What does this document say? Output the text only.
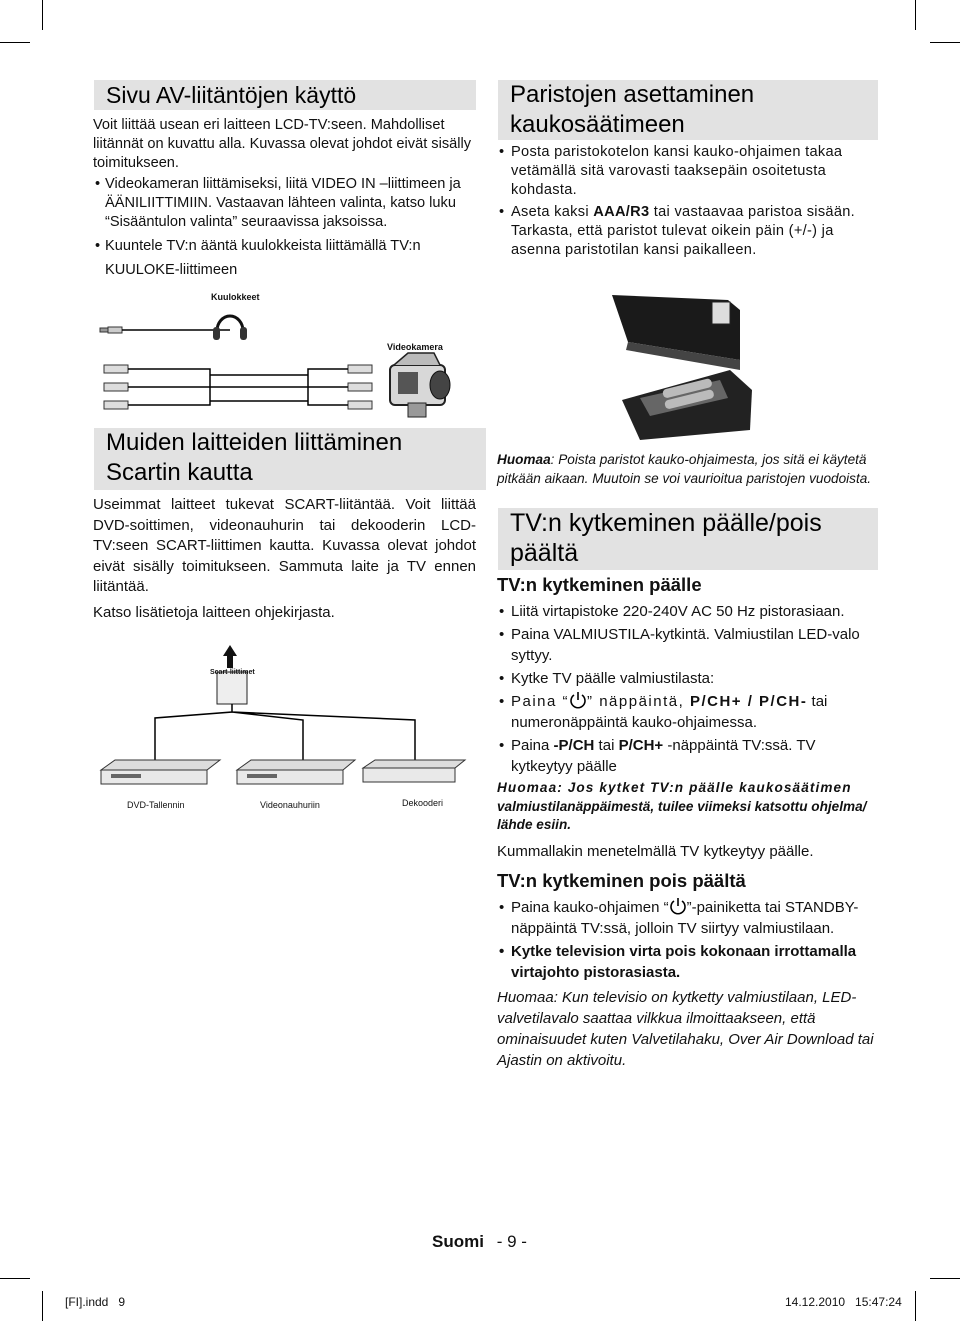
Sivu AV-liitäntöjen käyttö
Voit liittää usean eri laitteen LCD-TV:seen. Mahdolliset liitännät on kuvattu alla. Kuvassa olevat johdot eivät sisälly toimitukseen.
• Videokameran liittämiseksi, liitä VIDEO IN –liittimeen ja ÄÄNILIITTIMIIN. Vastaavan lähteen valinta, katso luku “Sisääntulon valinta” seuraavissa jaksoissa.
• Kuuntele TV:n ääntä kuulokkeista liittämällä TV:n KUULOKE-liittimeen
Kuulokkeet
Videokamera
Muiden laitteiden liittäminen
Scartin kautta
Useimmat laitteet tukevat SCART-liitäntää. Voit liittää DVD-soittimen, videonauhurin tai dekooderin LCD-TV:seen SCART-liittimen kautta. Kuvassa olevat johdot eivät sisälly toimitukseen. Sammuta laite ja TV ennen liitäntää.
Katso lisätietoja laitteen ohjekirjasta.
Scart-liittimet
DVD-Tallennin	Videonauhuriin	Dekooderi
Paristojen asettaminen
kaukosäätimeen
• Posta paristokotelon kansi kauko-ohjaimen takaa vetämällä sitä varovasti taaksepäin osoitetusta kohdasta.
• Aseta kaksi AAA/R3 tai vastaavaa paristoa sisään. Tarkasta, että paristot tulevat oikein päin (+/-) ja asenna paristotilan kansi paikalleen.
Huomaa: Poista paristot kauko-ohjaimesta, jos sitä ei käytetä pitkään aikaan. Muutoin se voi vaurioitua paristojen vuodoista.
TV:n kytkeminen päälle/pois
päältä
TV:n kytkeminen päälle
• Liitä virtapistoke 220-240V AC 50 Hz pistorasiaan.
• Paina VALMIUSTILA-kytkintä. Valmiustilan LED-valo syttyy.
• Kytke TV päälle valmiustilasta:
• Paina “ ” näppäintä, P/CH+ / P/CH- tai numeronäppäintä kauko-ohjaimessa.
• Paina -P/CH tai P/CH+ -näppäintä TV:ssä. TV kytkeytyy päälle
Huomaa: Jos kytket TV:n päälle kaukosäätimen
valmiustilanäppäimestä, tuilee viimeksi katsottu ohjelma/ lähde esiin.
Kummallakin menetelmällä TV kytkeytyy päälle.
TV:n kytkeminen pois päältä
• Paina kauko-ohjaimen “ ”-painiketta tai STANDBY-näppäintä TV:ssä, jolloin TV siirtyy valmiustilaan.
• Kytke television virta pois kokonaan irrottamalla virtajohto pistorasiasta.
Huomaa: Kun televisio on kytketty valmiustilaan, LED-valvetilavalo saattaa vilkkua ilmoittaakseen, että ominaisuudet kuten Valvetilahaku, Over Air Download tai Ajastin on aktivoitu.
Suomi - 9 -
[FI].indd   9	14.12.2010   15:47:24
